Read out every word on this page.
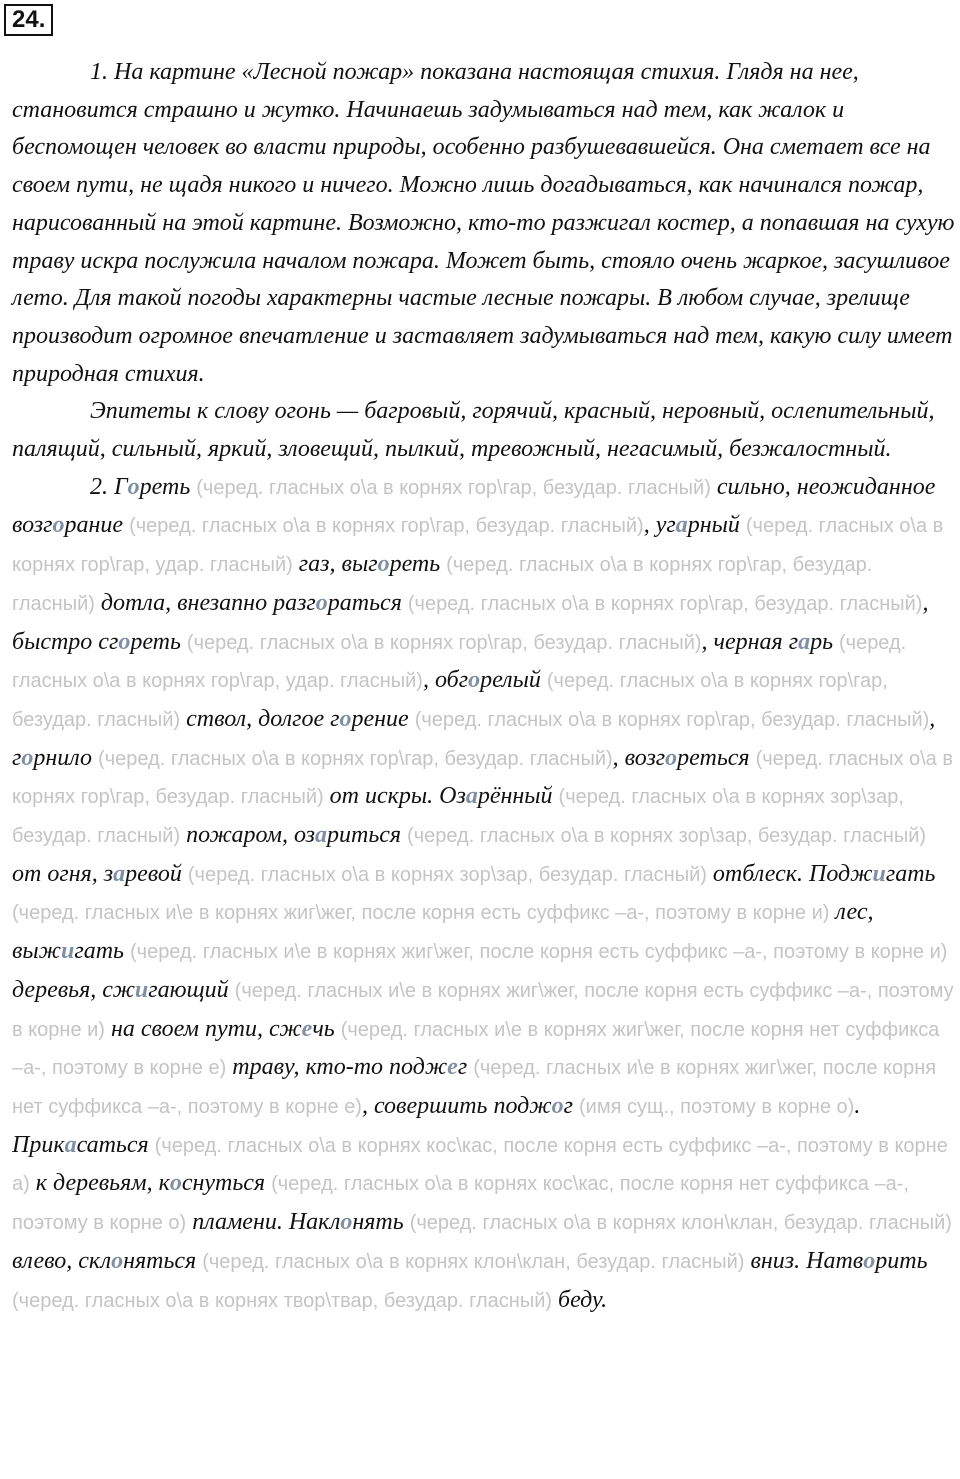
24.

1. На картине «Лесной пожар» показана настоящая стихия. Глядя на нее, становится страшно и жутко. Начинаешь задумываться над тем, как жалок и беспомощен человек во власти природы, особенно разбушевавшейся. Она сметает все на своем пути, не щадя никого и ничего. Можно лишь догадываться, как начинался пожар, нарисованный на этой картине. Возможно, кто-то разжигал костер, а попавшая на сухую траву искра послужила началом пожара. Может быть, стояло очень жаркое, засушливое лето. Для такой погоды характерны частые лесные пожары. В любом случае, зрелище производит огромное впечатление и заставляет задумываться над тем, какую силу имеет природная стихия.

Эпитеты к слову огонь — багровый, горячий, красный, неровный, ослепительный, палящий, сильный, яркий, зловещий, пылкий, тревожный, негасимый, безжалостный.

2. Гореть (черед. гласных о\а в корнях гор\гар, безудар. гласный) сильно, неожиданное возгорание (черед. гласных о\а в корнях гор\гар, безудар. гласный), угарный (черед. гласных о\а в корнях гор\гар, удар. гласный) газ, выгореть (черед. гласных о\а в корнях гор\гар, безудар. гласный) дотла, внезапно разгораться (черед. гласных о\а в корнях гор\гар, безудар. гласный), быстро сгореть (черед. гласных о\а в корнях гор\гар, безудар. гласный), черная гарь (черед. гласных о\а в корнях гор\гар, удар. гласный), обгорелый (черед. гласных о\а в корнях гор\гар, безудар. гласный) ствол, долгое горение (черед. гласных о\а в корнях гор\гар, безудар. гласный), горнило (черед. гласных о\а в корнях гор\гар, безудар. гласный), возгореться (черед. гласных о\а в корнях гор\гар, безудар. гласный) от искры. Озарённый (черед. гласных о\а в корнях зор\зар, безудар. гласный) пожаром, озариться (черед. гласных о\а в корнях зор\зар, безудар. гласный) от огня, заревой (черед. гласных о\а в корнях зор\зар, безудар. гласный) отблеск. Поджигать (черед. гласных и\е в корнях жиг\жег, после корня есть суффикс –а-, поэтому в корне и) лес, выжигать (черед. гласных и\е в корнях жиг\жег, после корня есть суффикс –а-, поэтому в корне и) деревья, сжигающий (черед. гласных и\е в корнях жиг\жег, после корня есть суффикс –а-, поэтому в корне и) на своем пути, сжечь (черед. гласных и\е в корнях жиг\жег, после корня нет суффикса –а-, поэтому в корне е) траву, кто-то поджег (черед. гласных и\е в корнях жиг\жег, после корня нет суффикса –а-, поэтому в корне е), совершить поджог (имя сущ., поэтому в корне о). Прикасаться (черед. гласных о\а в корнях кос\кас, после корня есть суффикс –а-, поэтому в корне а) к деревьям, коснуться (черед. гласных о\а в корнях кос\кас, после корня нет суффикса –а-, поэтому в корне о) пламени. Наклонять (черед. гласных о\а в корнях клон\клан, безудар. гласный) влево, склоняться (черед. гласных о\а в корнях клон\клан, безудар. гласный) вниз. Натворить (черед. гласных о\а в корнях твор\твар, безудар. гласный) беду.
